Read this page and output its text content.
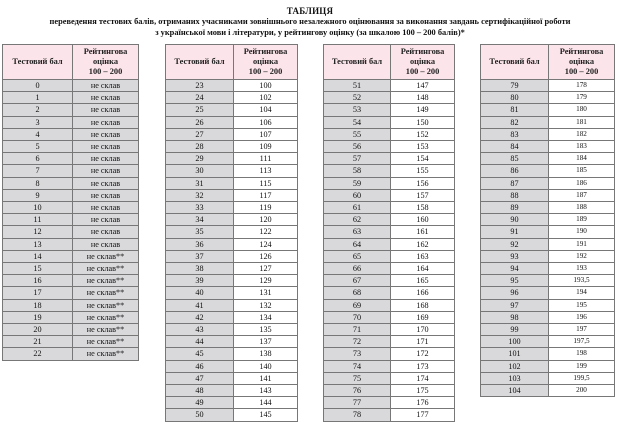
ТАБЛИЦЯ
переведення тестових балів, отриманих учасниками зовнішнього незалежного оцінювання за виконання завдань сертифікаційної роботи
з української мови і літератури, у рейтингову оцінку (за шкалою 100 – 200 балів)*
Тестовий бал	Рейтингова
оцінка
100 – 200
0	не склав
1	не склав
2	не склав
3	не склав
4	не склав
5	не склав
6	не склав
7	не склав
8	не склав
9	не склав
10	не склав
11	не склав
12	не склав
13	не склав
14	не склав**
15	не склав**
16	не склав**
17	не склав**
18	не склав**
19	не склав**
20	не склав**
21	не склав**
22	не склав**
Тестовий бал	Рейтингова
оцінка
100 – 200
23	100
24	102
25	104
26	106
27	107
28	109
29	111
30	113
31	115
32	117
33	119
34	120
35	122
36	124
37	126
38	127
39	129
40	131
41	132
42	134
43	135
44	137
45	138
46	140
47	141
48	143
49	144
50	145
Тестовий бал	Рейтингова
оцінка
100 – 200
51	147
52	148
53	149
54	150
55	152
56	153
57	154
58	155
59	156
60	157
61	158
62	160
63	161
64	162
65	163
66	164
67	165
68	166
69	168
70	169
71	170
72	171
73	172
74	173
75	174
76	175
77	176
78	177
Тестовий бал	Рейтингова
оцінка
100 – 200
79	178
80	179
81	180
82	181
83	182
84	183
85	184
86	185
87	186
88	187
89	188
90	189
91	190
92	191
93	192
94	193
95	193,5
96	194
97	195
98	196
99	197
100	197,5
101	198
102	199
103	199,5
104	200
